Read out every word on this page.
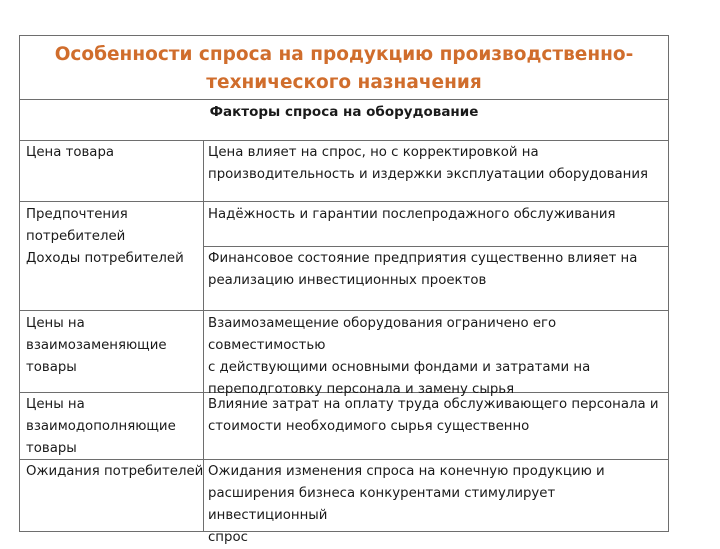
Особенности спроса на продукцию производственно-
технического назначения
Факторы спроса на оборудование
Цена товара	Цена влияет на спрос, но с корректировкой на
производительность и издержки эксплуатации оборудования
Предпочтения
потребителей
Надёжность и гарантии послепродажного обслуживания
Доходы потребителей	Финансовое состояние предприятия существенно влияет на
реализацию инвестиционных проектов
Цены на
взаимозаменяющие
товары
Взаимозамещение оборудования ограничено его совместимостью
с действующими основными фондами и затратами на
переподготовку персонала и замену сырья
Цены на
взаимодополняющие
товары
Влияние затрат на оплату труда обслуживающего персонала и
стоимости необходимого сырья существенно
Ожидания потребителей Ожидания изменения спроса на конечную продукцию и
расширения бизнеса конкурентами стимулирует инвестиционный
спрос
